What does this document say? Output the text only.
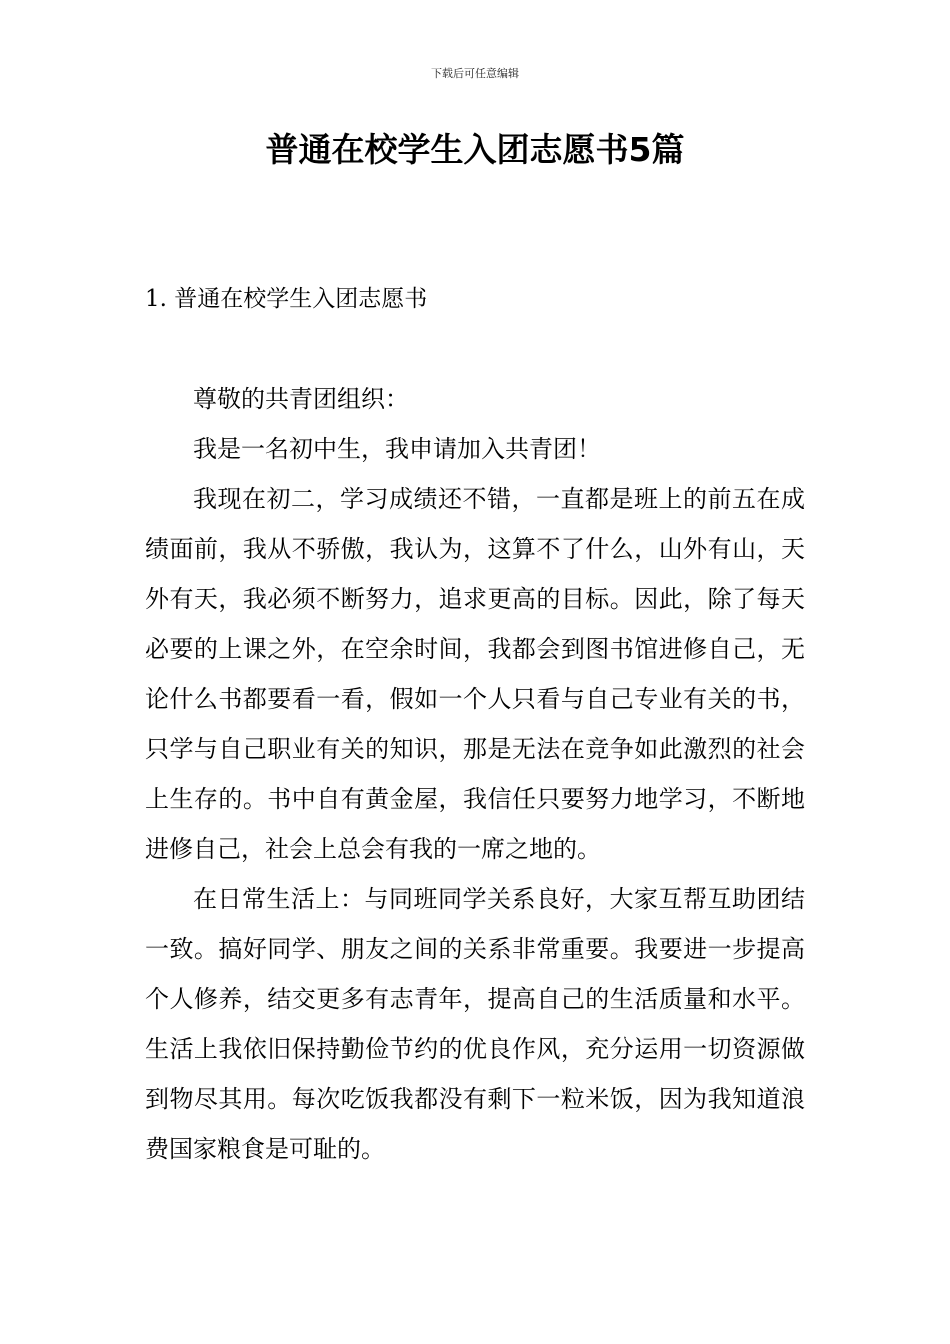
下载后可任意编辑
普通在校学生入团志愿书5篇
1. 普通在校学生入团志愿书

尊敬的共青团组织：

我是一名初中生，我申请加入共青团！

我现在初二，学习成绩还不错，一直都是班上的前五在成绩面前，我从不骄傲，我认为，这算不了什么，山外有山，天外有天，我必须不断努力，追求更高的目标。因此，除了每天必要的上课之外，在空余时间，我都会到图书馆进修自己，无论什么书都要看一看，假如一个人只看与自己专业有关的书，只学与自己职业有关的知识，那是无法在竞争如此激烈的社会上生存的。书中自有黄金屋，我信任只要努力地学习，不断地进修自己，社会上总会有我的一席之地的。

在日常生活上：与同班同学关系良好，大家互帮互助团结一致。搞好同学、朋友之间的关系非常重要。我要进一步提高个人修养，结交更多有志青年，提高自己的生活质量和水平。生活上我依旧保持勤俭节约的优良作风，充分运用一切资源做到物尽其用。每次吃饭我都没有剩下一粒米饭，因为我知道浪费国家粮食是可耻的。
